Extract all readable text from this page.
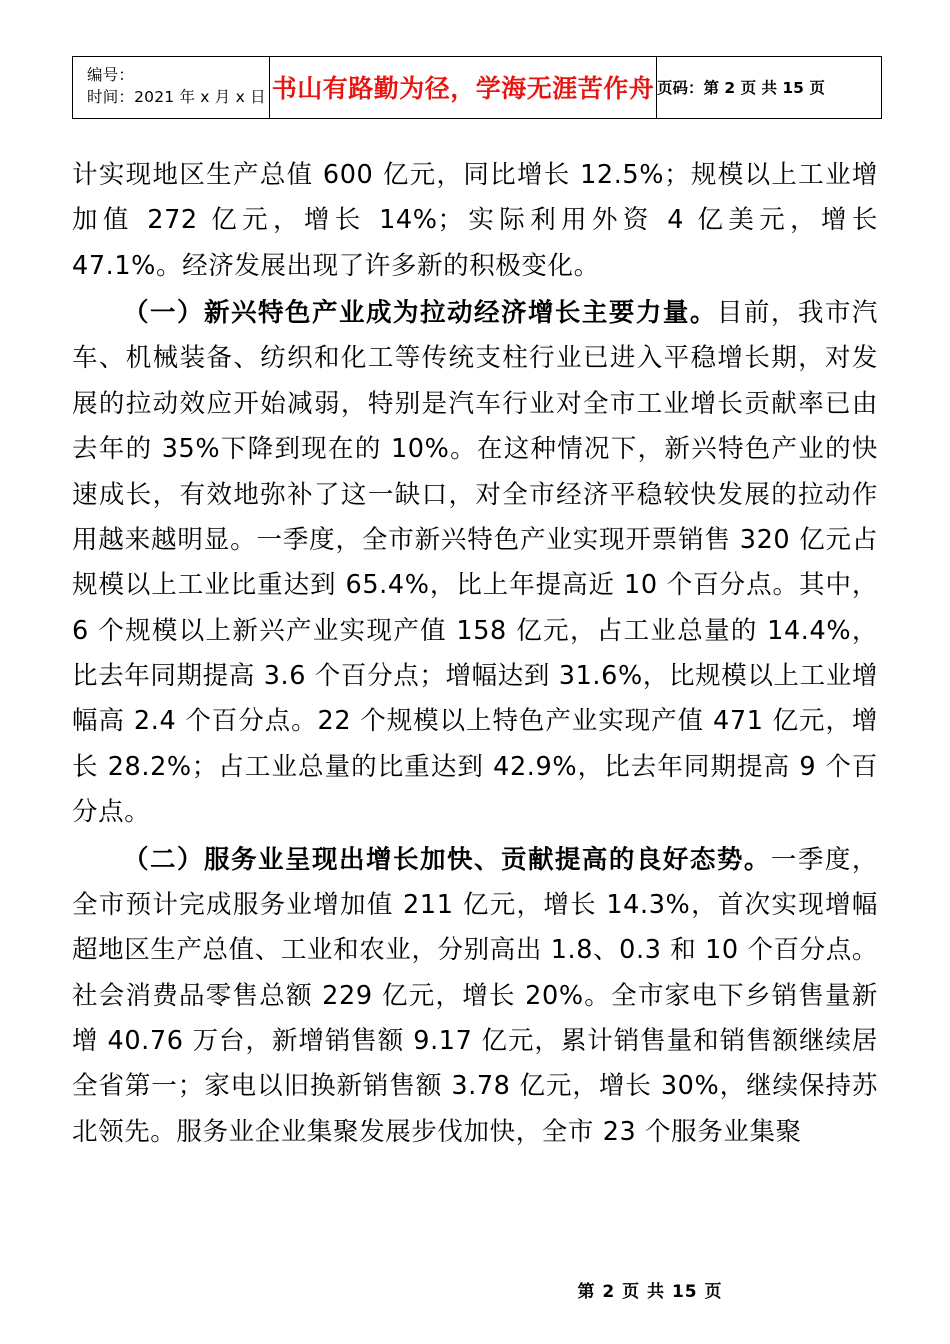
编号：
时间：2021 年 x 月 x 日	书山有路勤为径，学海无涯苦作舟	页码：第 2 页 共 15 页

计实现地区生产总值 600 亿元，同比增长 12.5%；规模以上工业增加值 272 亿元，增长 14%；实际利用外资 4 亿美元，增长 47.1%。经济发展出现了许多新的积极变化。

（一）新兴特色产业成为拉动经济增长主要力量。目前，我市汽车、机械装备、纺织和化工等传统支柱行业已进入平稳增长期，对发展的拉动效应开始减弱，特别是汽车行业对全市工业增长贡献率已由去年的 35%下降到现在的 10%。在这种情况下，新兴特色产业的快速成长，有效地弥补了这一缺口，对全市经济平稳较快发展的拉动作用越来越明显。一季度，全市新兴特色产业实现开票销售 320 亿元占规模以上工业比重达到 65.4%，比上年提高近 10 个百分点。其中，6 个规模以上新兴产业实现产值 158 亿元，占工业总量的 14.4%，比去年同期提高 3.6 个百分点；增幅达到 31.6%，比规模以上工业增幅高 2.4 个百分点。22 个规模以上特色产业实现产值 471 亿元，增长 28.2%；占工业总量的比重达到 42.9%，比去年同期提高 9 个百分点。

（二）服务业呈现出增长加快、贡献提高的良好态势。一季度，全市预计完成服务业增加值 211 亿元，增长 14.3%，首次实现增幅超地区生产总值、工业和农业，分别高出 1.8、0.3 和 10 个百分点。社会消费品零售总额 229 亿元，增长 20%。全市家电下乡销售量新增 40.76 万台，新增销售额 9.17 亿元，累计销售量和销售额继续居全省第一；家电以旧换新销售额 3.78 亿元，增长 30%，继续保持苏北领先。服务业企业集聚发展步伐加快，全市 23 个服务业集聚

第 2 页 共 15 页
